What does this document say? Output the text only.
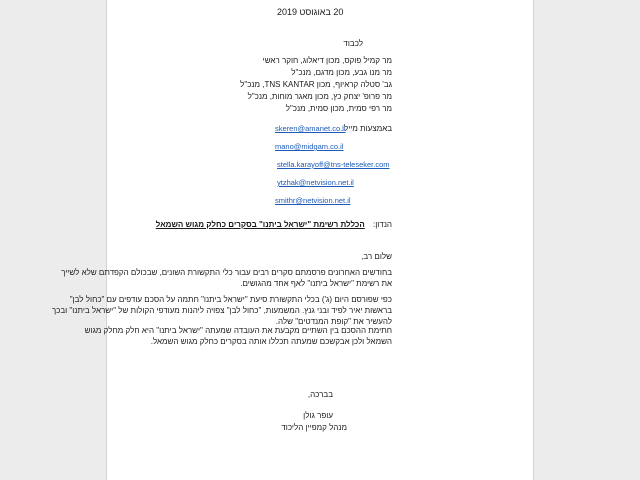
20 באוגוסט 2019
לכבוד
מר קמיל פוקס, מכון דיאלוג, חוקר ראשי
מר מנו גבע, מכון מדגם, מנכ"ל
גב' סטלה קראיוף, מכון TNS KANTAR, מנכ"ל
מר פרופ' יצחק כץ, מכון מאגר מוחות, מנכ"ל
מר רפי סמית, מכון סמית, מנכ"ל
באמצעות מייל:
skeren@amanet.co.il
mano@midgam.co.il
stella.karayoff@tns-teleseker.com
ytzhak@netvision.net.il
smithr@netvision.net.il
הנדון: הכללת רשימת "ישראל ביתנו" בסקרים כחלק מגוש השמאל
שלום רב,
בחודשים האחרונים פרסמתם סקרים רבים עבור כלי התקשורת השונים, שבכולם הקפדתם שלא לשייך
את רשימת "ישראל ביתנו" לאף אחד מהגושים.
כפי שפורסם היום (ג') בכלי התקשורת סיעת "ישראל ביתנו" חתמה על הסכם עודפים עם "כחול לבן"
בראשות יאיר לפיד ובני גנץ. המשמעות, "כחול לבן" צפויה ליהנות מעודפי הקולות של "ישראל ביתנו" ובכך
להעשיר את "קופת המנדטים" שלה.
חתימת ההסכם בין השתיים מקבעת את העובדה שמעתה "ישראל ביתנו" היא חלק מחלק מגוש
השמאל ולכן אבקשכם שמעתה תכללו אותה בסקרים כחלק מגוש השמאל.
בברכה,
עופר גולן
מנהל קמפיין הליכוד
